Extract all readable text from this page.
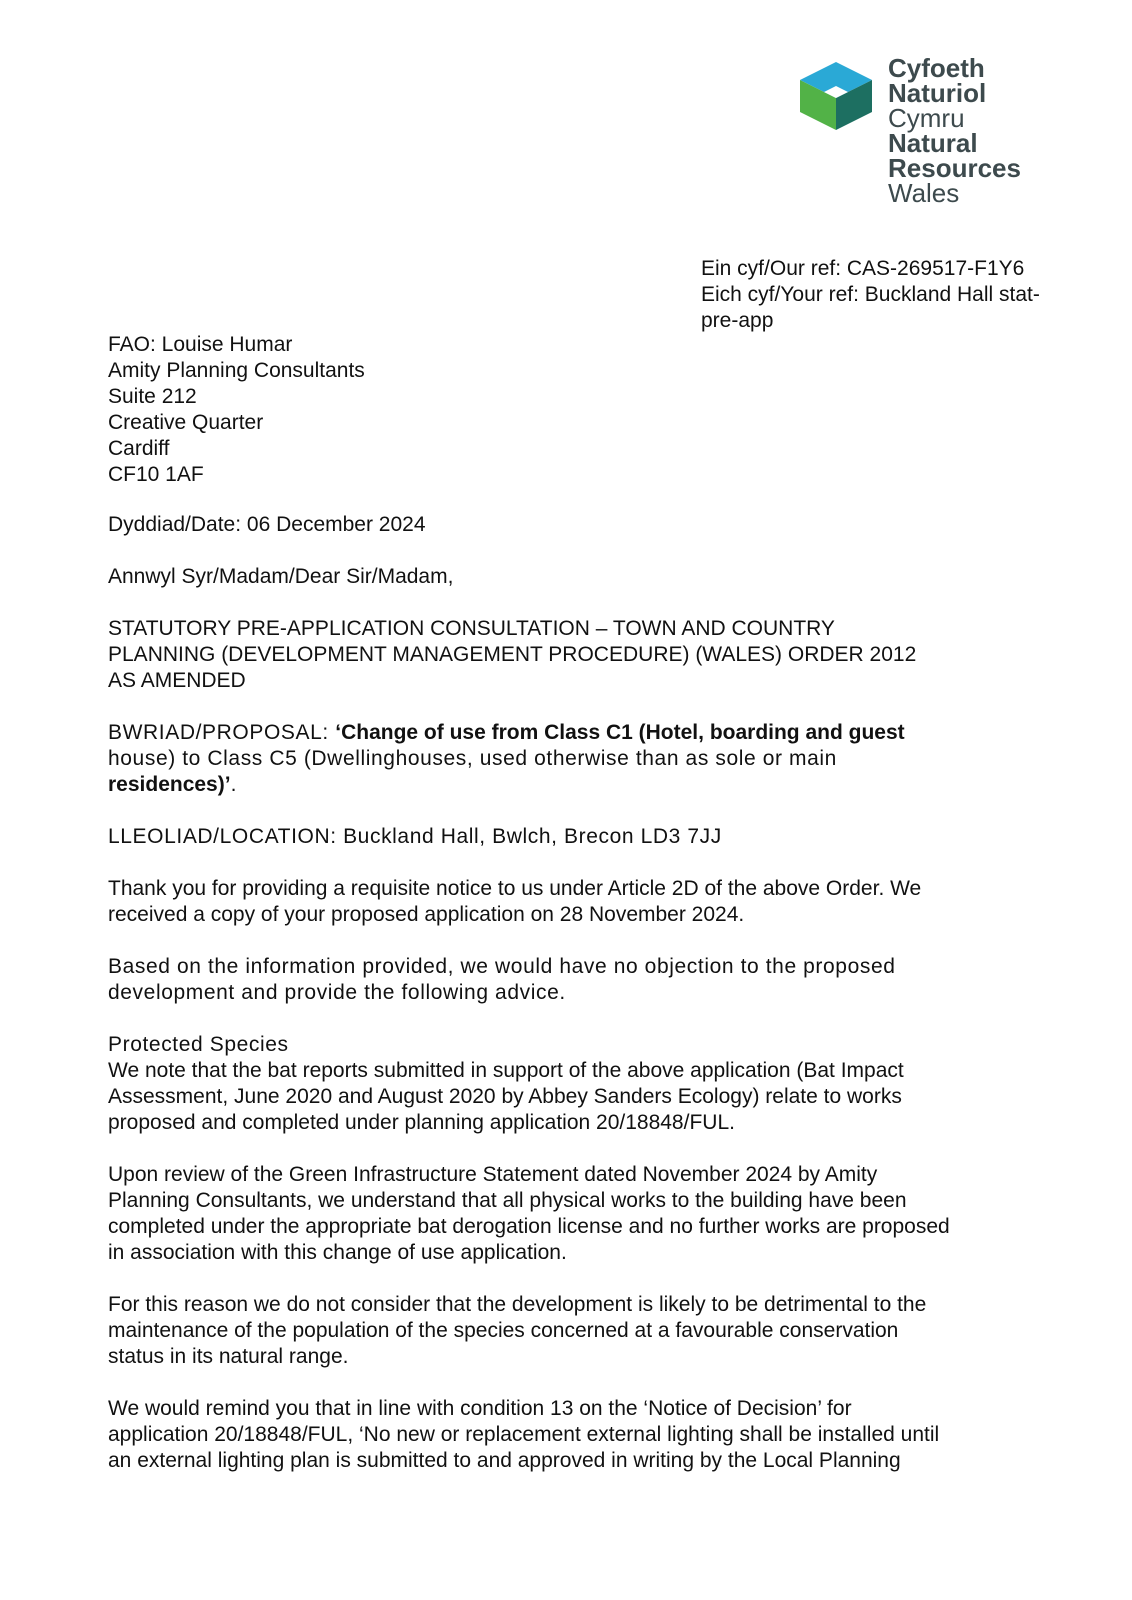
Cyfoeth
Naturiol
Cymru
Natural
Resources
Wales
Ein cyf/Our ref: CAS-269517-F1Y6
Eich cyf/Your ref: Buckland Hall stat-
pre-app
FAO: Louise Humar
Amity Planning Consultants
Suite 212
Creative Quarter
Cardiff
CF10 1AF
Dyddiad/Date: 06 December 2024
Annwyl Syr/Madam/Dear Sir/Madam,
STATUTORY PRE-APPLICATION CONSULTATION – TOWN AND COUNTRY
PLANNING (DEVELOPMENT MANAGEMENT PROCEDURE) (WALES) ORDER 2012
AS AMENDED
BWRIAD/PROPOSAL: ‘Change of use from Class C1 (Hotel, boarding and guest
house) to Class C5 (Dwellinghouses, used otherwise than as sole or main
residences)’.
LLEOLIAD/LOCATION: Buckland Hall, Bwlch, Brecon LD3 7JJ
Thank you for providing a requisite notice to us under Article 2D of the above Order. We
received a copy of your proposed application on 28 November 2024.
Based on the information provided, we would have no objection to the proposed
development and provide the following advice.
Protected Species
We note that the bat reports submitted in support of the above application (Bat Impact
Assessment, June 2020 and August 2020 by Abbey Sanders Ecology) relate to works
proposed and completed under planning application 20/18848/FUL.
Upon review of the Green Infrastructure Statement dated November 2024 by Amity
Planning Consultants, we understand that all physical works to the building have been
completed under the appropriate bat derogation license and no further works are proposed
in association with this change of use application.
For this reason we do not consider that the development is likely to be detrimental to the
maintenance of the population of the species concerned at a favourable conservation
status in its natural range.
We would remind you that in line with condition 13 on the ‘Notice of Decision’ for
application 20/18848/FUL, ‘No new or replacement external lighting shall be installed until
an external lighting plan is submitted to and approved in writing by the Local Planning
